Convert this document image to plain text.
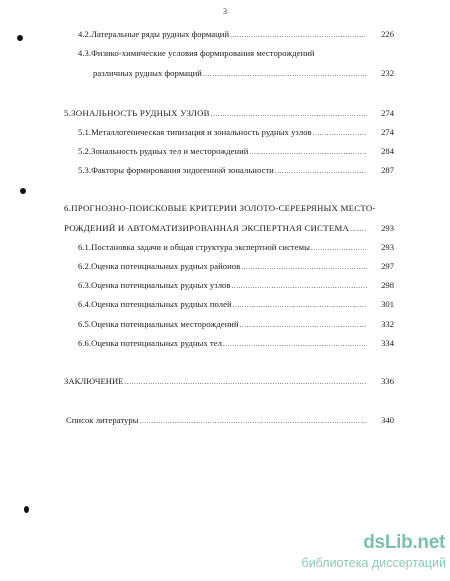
3
4.2.Латеральные ряды рудных формаций .....	226
4.3.Физико-химические условия формирования месторождений
различных рудных формаций .....	232
5.ЗОНАЛЬНОСТЬ РУДНЫХ УЗЛОВ .....	274
5.1.Металлогеническая типизация и зональность рудных узлов .....	274
5.2.Зональность рудных тел и месторождений .....	284
5.3.Факторы формирования эндогенной зональности .....	287
6.ПРОГНОЗНО-ПОИСКОВЫЕ КРИТЕРИИ ЗОЛОТО-СЕРЕБРЯНЫХ МЕСТО-
РОЖДЕНИЙ И АВТОМАТИЗИРОВАННАЯ ЭКСПЕРТНАЯ СИСТЕМА .....	293
6.1.Постановка задачи и общая структура экспертной системы .....	293
6.2.Оценка потенциальных рудных районов .....	297
6.3.Оценка потенциальных рудных узлов .....	298
6.4.Оценка потенциальных рудных полей .....	301
6.5.Оценка потенциальных месторождений .....	332
6.6.Оценка потенциальных рудных тел .....	334
ЗАКЛЮЧЕНИЕ .....	336
Список литературы .....	340
dsLib.net
библиотека диссертаций
